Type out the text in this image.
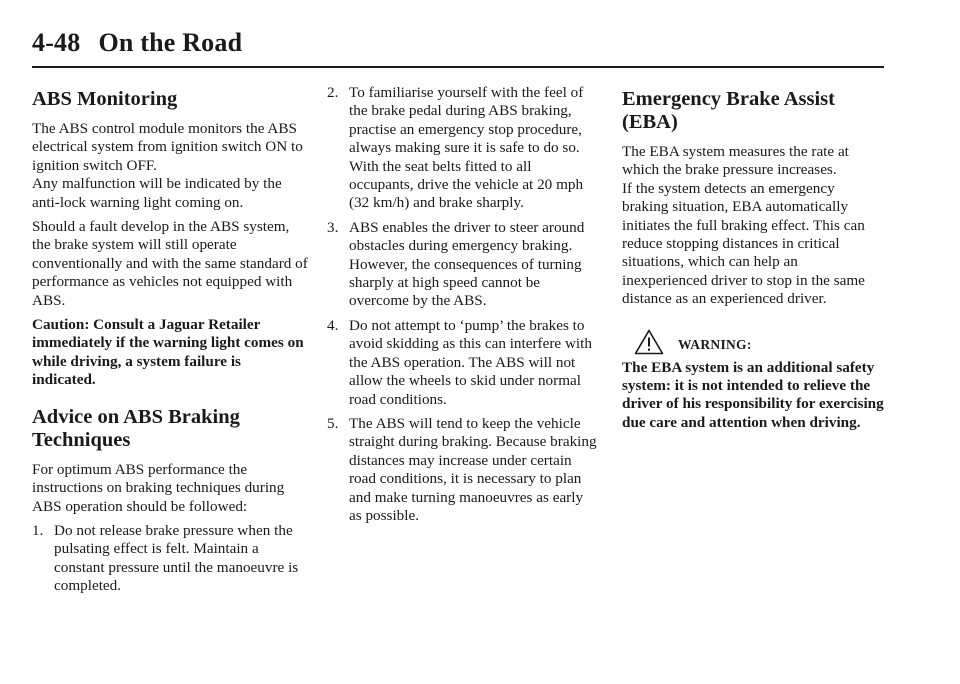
4-48 On the Road
ABS Monitoring

The ABS control module monitors the ABS electrical system from ignition switch ON to ignition switch OFF.

Any malfunction will be indicated by the anti-lock warning light coming on.

Should a fault develop in the ABS system, the brake system will still operate conventionally and with the same standard of performance as vehicles not equipped with ABS.

Caution: Consult a Jaguar Retailer immediately if the warning light comes on while driving, a system failure is indicated.

Advice on ABS Braking Techniques

For optimum ABS performance the instructions on braking techniques during ABS operation should be followed:

1. Do not release brake pressure when the pulsating effect is felt. Maintain a constant pressure until the manoeuvre is completed.
2. To familiarise yourself with the feel of the brake pedal during ABS braking, practise an emergency stop procedure, always making sure it is safe to do so. With the seat belts fitted to all occupants, drive the vehicle at 20 mph (32 km/h) and brake sharply.
3. ABS enables the driver to steer around obstacles during emergency braking. However, the consequences of turning sharply at high speed cannot be overcome by the ABS.
4. Do not attempt to ‘pump’ the brakes to avoid skidding as this can interfere with the ABS operation. The ABS will not allow the wheels to skid under normal road conditions.
5. The ABS will tend to keep the vehicle straight during braking. Because braking distances may increase under certain road conditions, it is necessary to plan and make turning manoeuvres as early as possible.
Emergency Brake Assist (EBA)

The EBA system measures the rate at which the brake pressure increases.

If the system detects an emergency braking situation, EBA automatically initiates the full braking effect. This can reduce stopping distances in critical situations, which can help an inexperienced driver to stop in the same distance as an experienced driver.

WARNING:

The EBA system is an additional safety system: it is not intended to relieve the driver of his responsibility for exercising due care and attention when driving.
